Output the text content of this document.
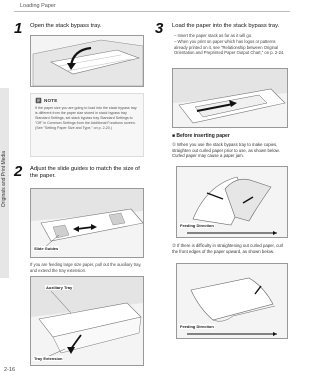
Loading Paper
Originals and Print Media
2-16
1 Open the stack bypass tray.
NOTE
If the paper size you are going to load into the stack bypass tray is different from the paper size stored in stack bypass tray Standard Settings, set stack bypass tray Standard Settings to "Off" in Common Settings from the Additional Functions screen. (See "Setting Paper Size and Type," on p. 2-20.)
2 Adjust the slide guides to match the size of the paper.
Slide Guides
If you are feeding large size paper, pull out the auxiliary tray, and extend the tray extension.
Auxiliary Tray
Tray Extension
3 Load the paper into the stack bypass tray.
– Insert the paper stack as far as it will go.
– When you print on paper which has logos or patterns already printed on it, see "Relationship between Original Orientation and Preprinted Paper Output Chart," on p. 2-24.
■ Before inserting paper
① When you use the stack bypass tray to make copies, straighten out curled paper prior to use, as shown below. Curled paper may cause a paper jam.
Feeding Direction
② If there is difficulty in straightening out curled paper, curl the front edges of the paper upward, as shown below.
Feeding Direction
